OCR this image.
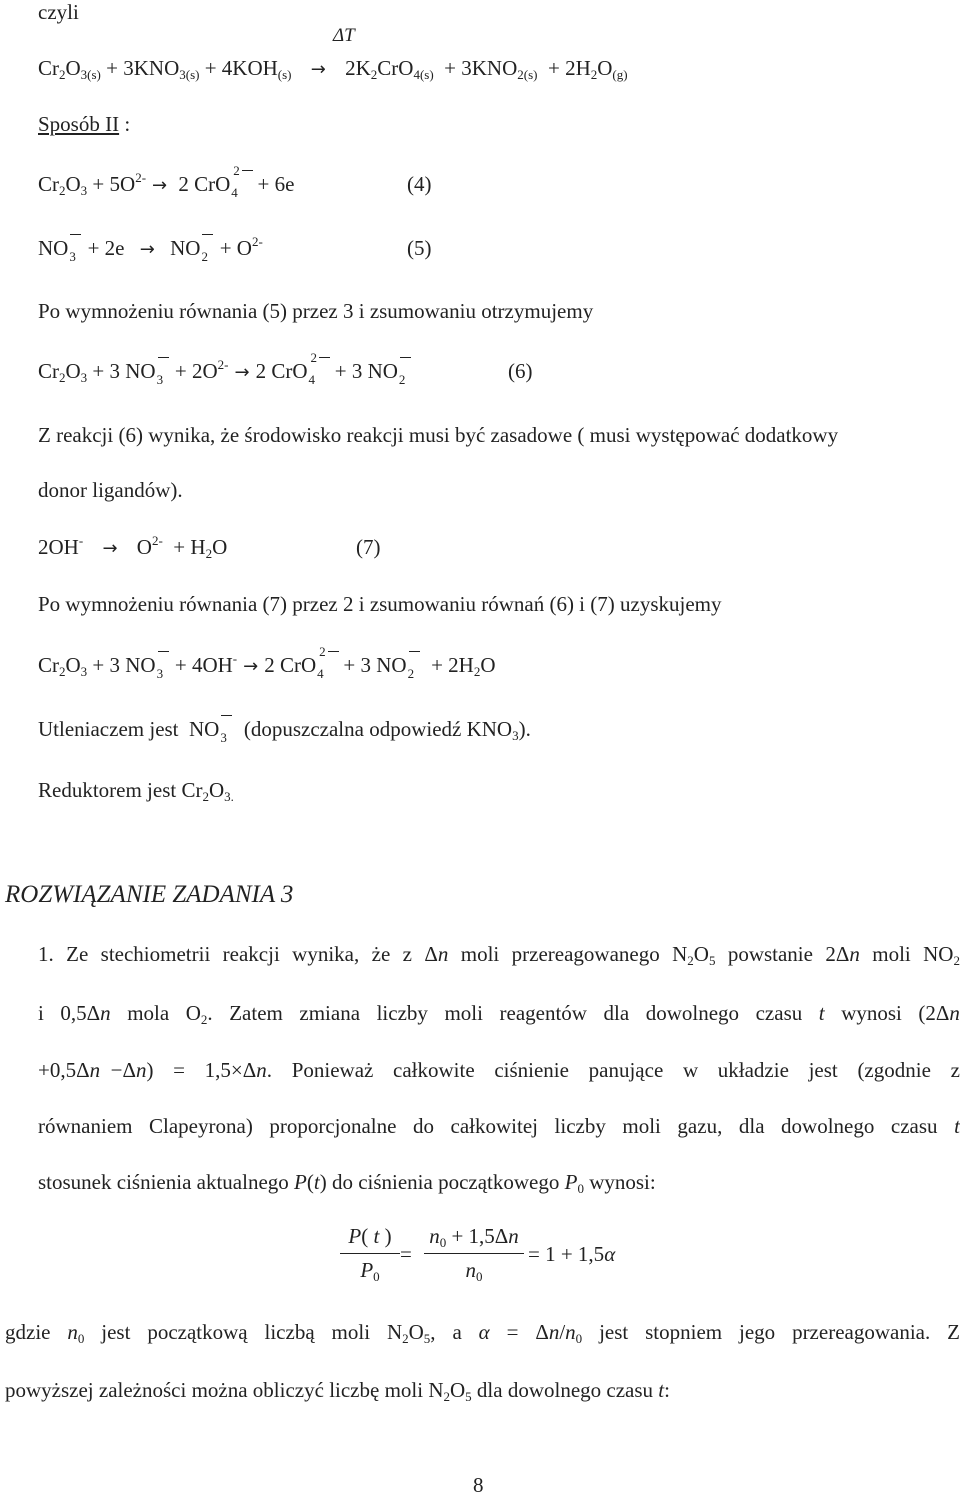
czyli
ΔT
$Cr_2O_{3(s)} + 3KNO_{3(s)} + 4KOH_{(s)} \to 2K_2CrO_{4(s)} + 3KNO_{2(s)} + 2H_2O_{(g)}$
Sposób II :
$Cr_2O_3 + 5O^{2-} \to 2$ CrO $\frac{2}{4} + 6e$	(4)
NO
3 + 2e → NO
$2 + O^{2-}$	(5)
Po wymnożeniu równania (5) przez 3 i zsumowaniu otrzymujemy
$Cr_2O_3 + 3$ NO
$3 + 2O^{2-} \to 2$ CrO $\frac{2}{4} + 3$ NO
2	(6)
Z reakcji (6) wynika, że środowisko reakcji musi być zasadowe ( musi występować dodatkowy
donor ligandów).
$2OH^- \to O^{2-} + H_2O$	(7)
Po wymnożeniu równania (7) przez 2 i zsumowaniu równań (6) i (7) uzyskujemy
$Cr_2O_3 + 3$ NO
3 + 4OH- → 2 CrO $\frac{2}{4} + 3$ NO
$2 + 2H_2O$
Utleniaczem jest  NO
3  (dopuszczalna odpowiedź $KNO_3$).
Reduktorem jest $Cr_2O_{3.}$
ROZWIĄZANIE ZADANIA 3
1. Ze stechiometrii reakcji wynika, że z Δn moli przereagowanego $N_2O_5$ powstanie 2Δn moli $NO_2$
i 0,5Δn mola $O_2$. Zatem zmiana liczby moli reagentów dla dowolnego czasu t wynosi (2Δn
+0,5Δn  −Δn) = 1,5×Δn. Ponieważ całkowite ciśnienie panujące w układzie jest (zgodnie z
równaniem Clapeyrona) proporcjonalne do całkowitej liczby moli gazu, dla dowolnego czasu t
stosunek ciśnienia aktualnego P(t) do ciśnienia początkowego $P_0$ wynosi:
P( t )
$P_0$
=
$n_0 + 1,5\Delta n$
$n_0$
= 1 + 1,5α
gdzie $n_0$ jest początkową liczbą moli $N_2O_5$, a $\alpha = \Delta n/n_0$ jest stopniem jego przereagowania. Z
powyższej zależności można obliczyć liczbę moli $N_2O_5$ dla dowolnego czasu t:
8
